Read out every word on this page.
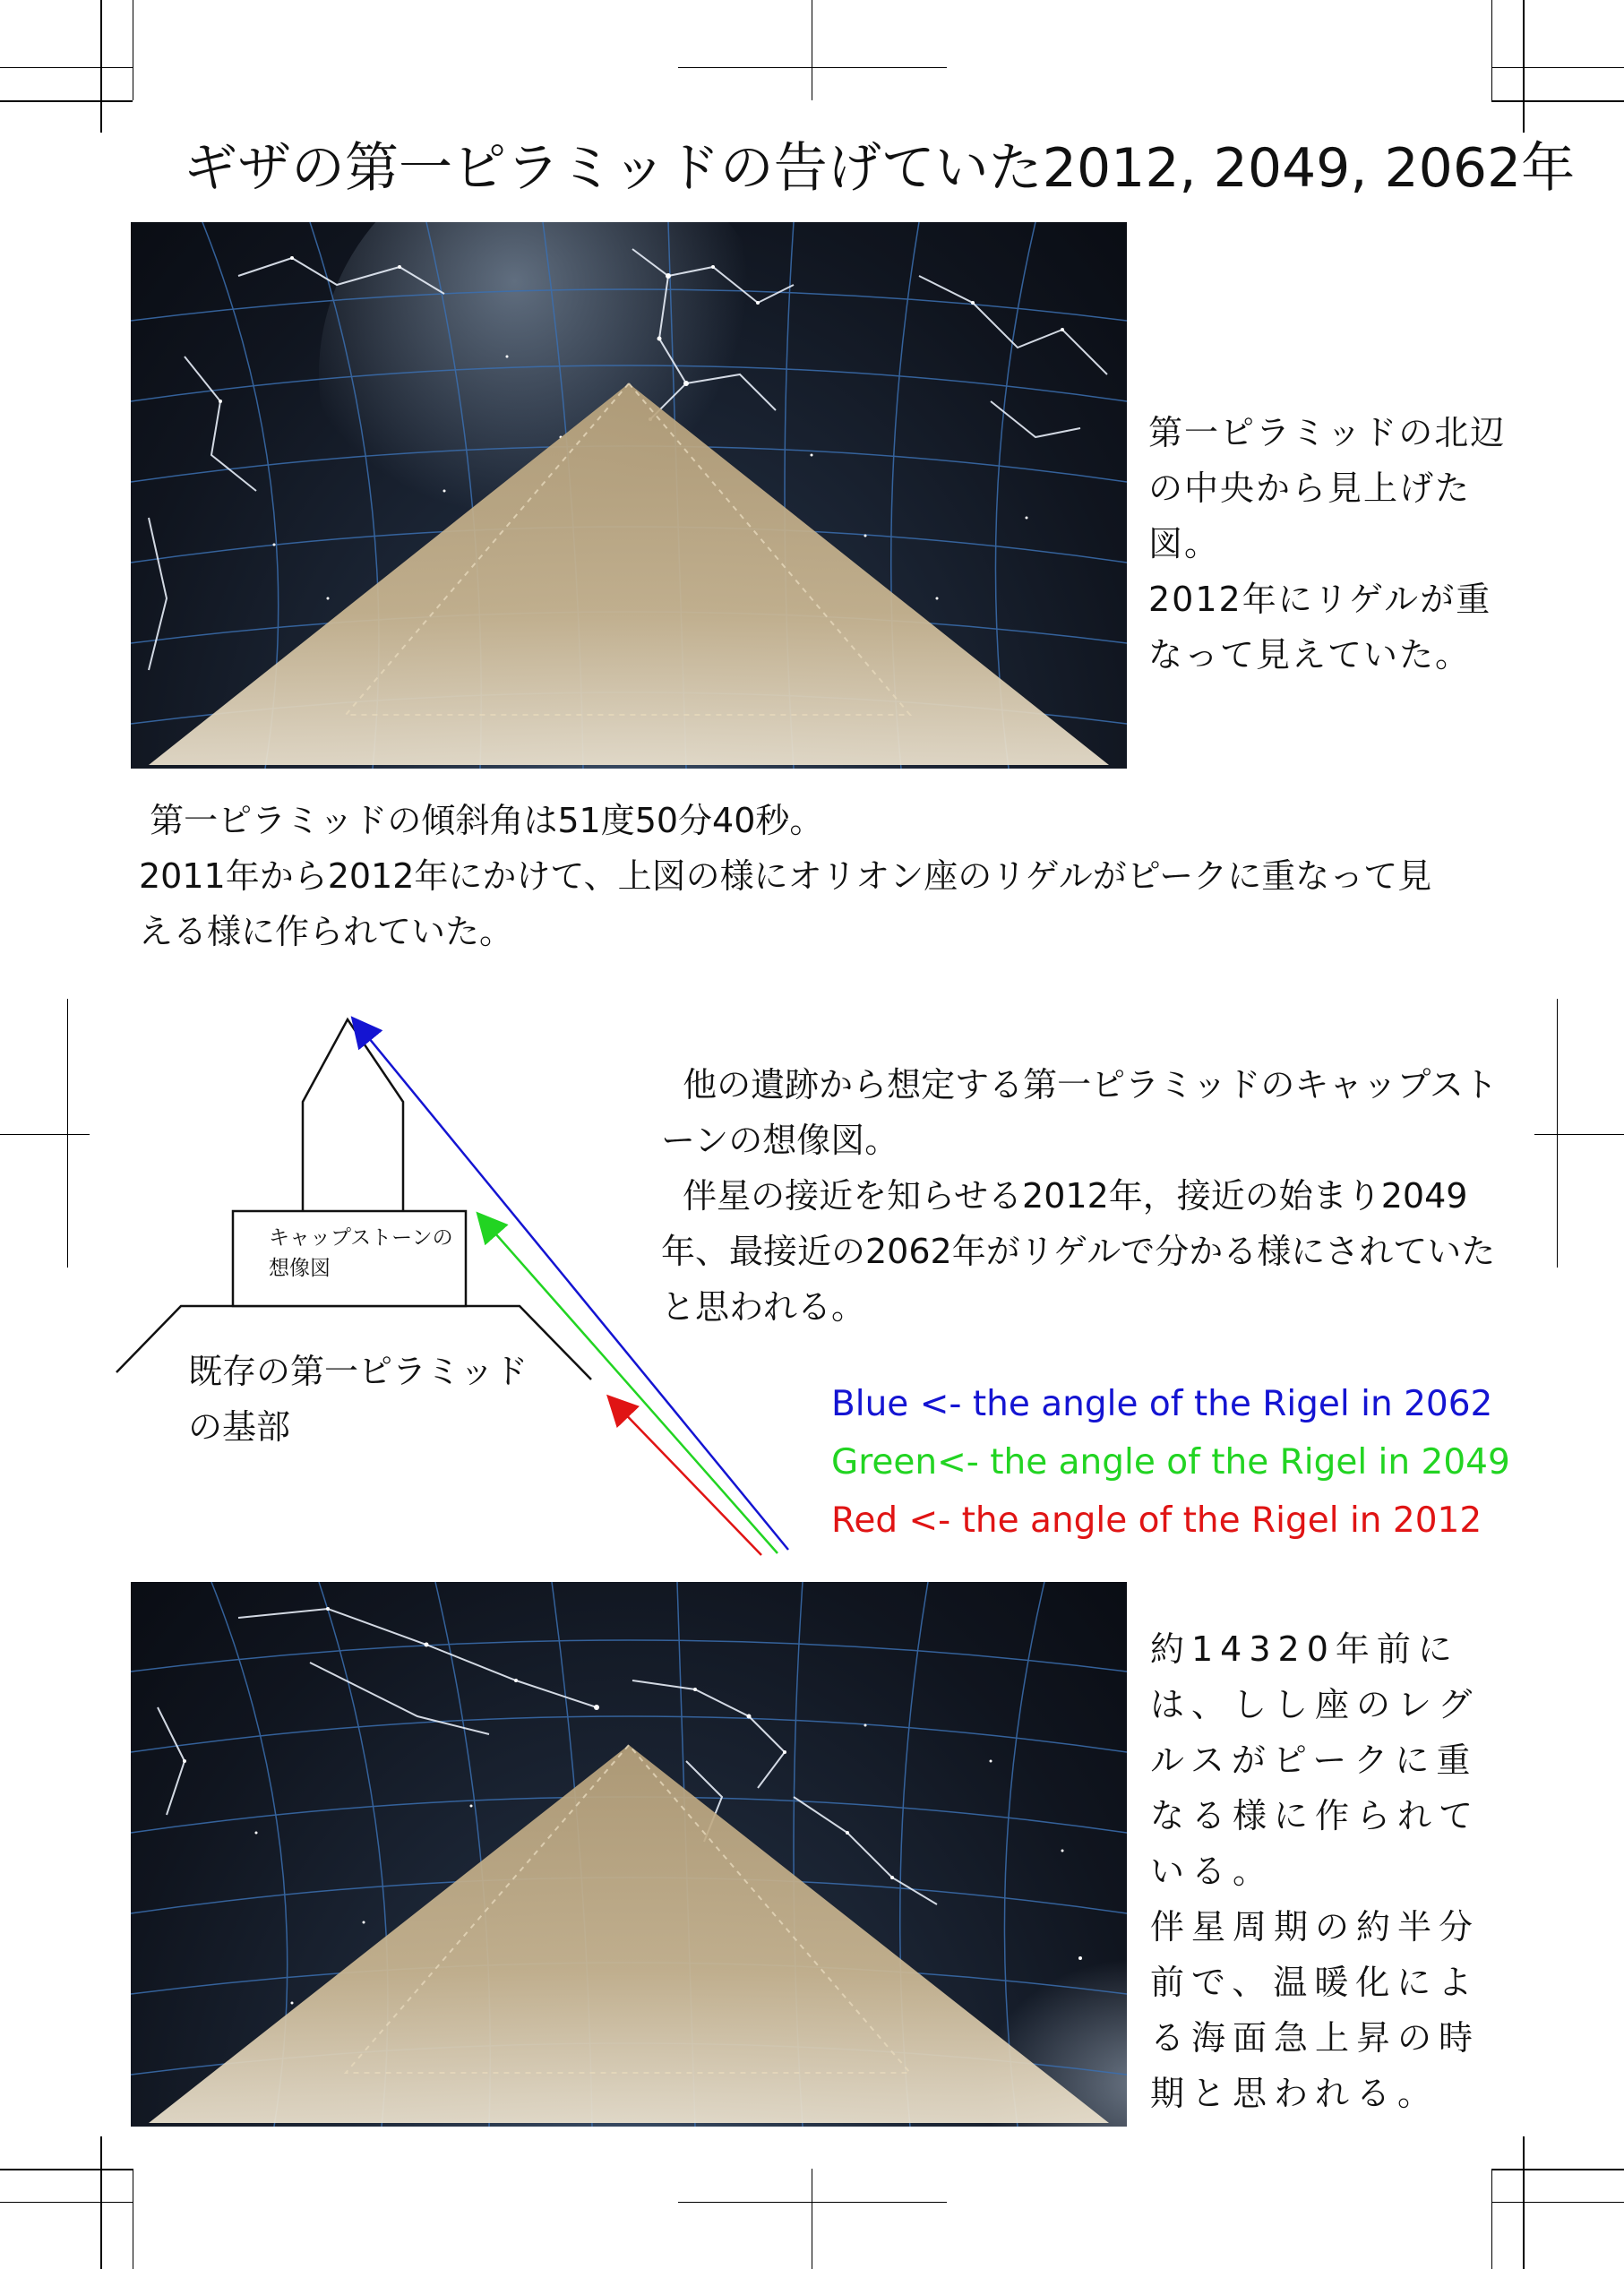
ギザの第一ピラミッドの告げていた2012, 2049, 2062年

第一ピラミッドの北辺の中央から見上げた図。
2012年にリゲルが重なって見えていた。

第一ピラミッドの傾斜角は51度50分40秒。

2011年から2012年にかけて、上図の様にオリオン座のリゲルがピークに重なって見える様に作られていた。

キャップストーンの想像図
既存の第一ピラミッドの基部

他の遺跡から想定する第一ピラミッドのキャップストーンの想像図。
伴星の接近を知らせる2012年，接近の始まり2049年、最接近の2062年がリゲルで分かる様にされていたと思われる。

Blue <- the angle of the Rigel in 2062
Green<- the angle of the Rigel in 2049
Red <- the angle of the Rigel in 2012

約14320年前には、しし座のレグルスがピークに重なる様に作られている。
伴星周期の約半分前で、温暖化による海面急上昇の時期と思われる。
